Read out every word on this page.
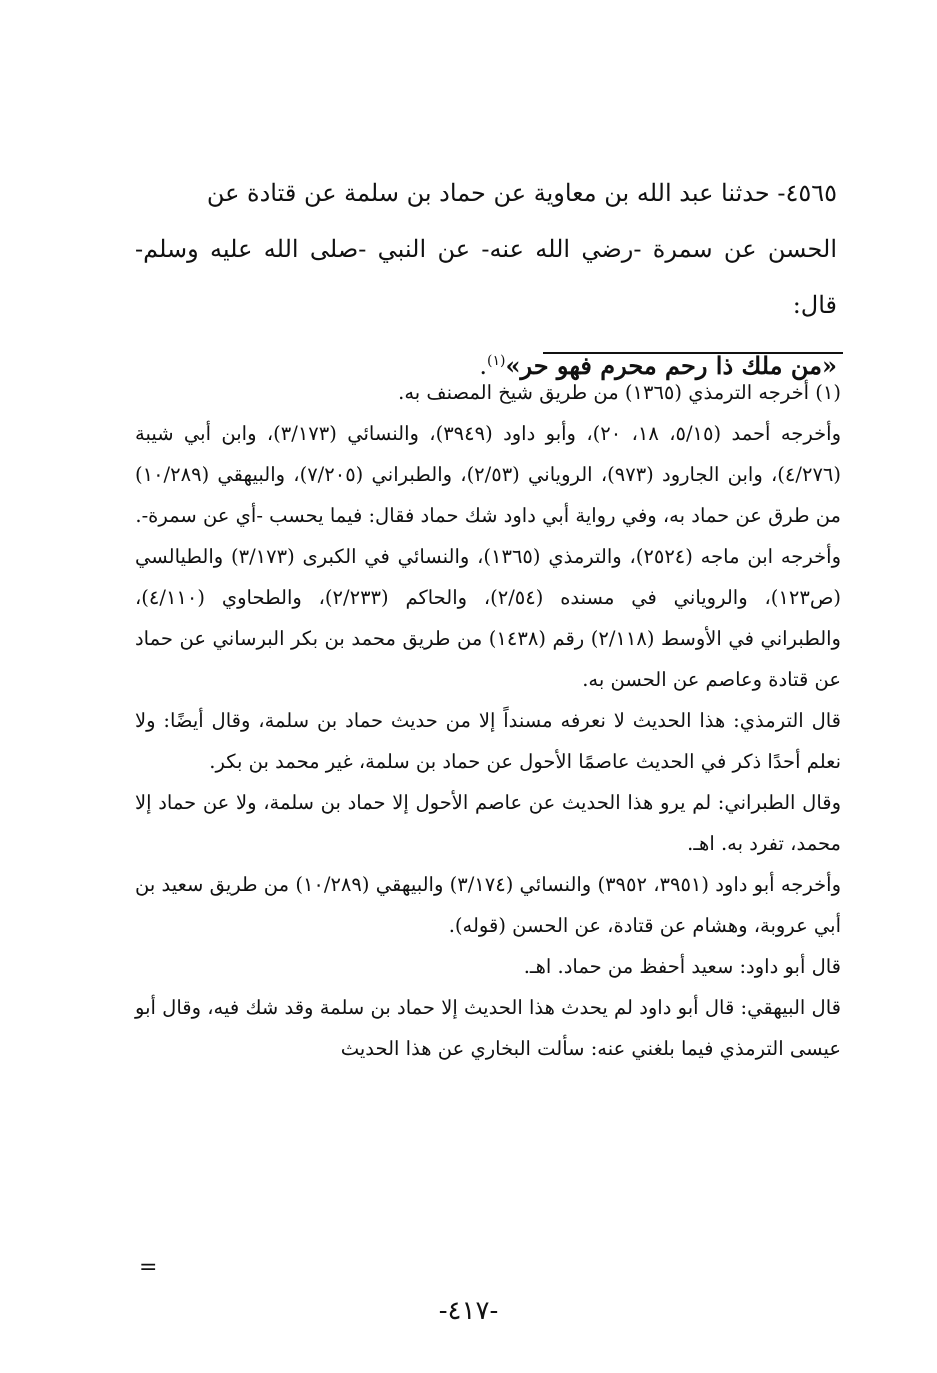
٤٥٦٥- حدثنا عبد الله بن معاوية عن حماد بن سلمة عن قتادة عن

الحسن عن سمرة -رضي الله عنه- عن النبي -صلى الله عليه وسلم- قال:

«من ملك ذا رحم محرم فهو حر»$^{(١)}$.

(١) أخرجه الترمذي (١٣٦٥) من طريق شيخ المصنف به.

وأخرجه أحمد (٥/١٥، ١٨، ٢٠)، وأبو داود (٣٩٤٩)، والنسائي (٣/١٧٣)، وابن أبي شيبة (٤/٢٧٦)، وابن الجارود (٩٧٣)، الروياني (٢/٥٣)، والطبراني (٧/٢٠٥)، والبيهقي (١٠/٢٨٩) من طرق عن حماد به، وفي رواية أبي داود شك حماد فقال: فيما يحسب -أي عن سمرة-.

وأخرجه ابن ماجه (٢٥٢٤)، والترمذي (١٣٦٥)، والنسائي في الكبرى (٣/١٧٣) والطيالسي (ص١٢٣)، والروياني في مسنده (٢/٥٤)، والحاكم (٢/٢٣٣)، والطحاوي (٤/١١٠)، والطبراني في الأوسط (٢/١١٨) رقم (١٤٣٨) من طريق محمد بن بكر البرساني عن حماد عن قتادة وعاصم عن الحسن به.

قال الترمذي: هذا الحديث لا نعرفه مسنداً إلا من حديث حماد بن سلمة، وقال أيضًا: ولا نعلم أحدًا ذكر في الحديث عاصمًا الأحول عن حماد بن سلمة، غير محمد بن بكر.

وقال الطبراني: لم يرو هذا الحديث عن عاصم الأحول إلا حماد بن سلمة، ولا عن حماد إلا محمد، تفرد به. اهـ.

وأخرجه أبو داود (٣٩٥١، ٣٩٥٢) والنسائي (٣/١٧٤) والبيهقي (١٠/٢٨٩) من طريق سعيد بن أبي عروبة، وهشام عن قتادة، عن الحسن (قوله).

قال أبو داود: سعيد أحفظ من حماد. اهـ.

قال البيهقي: قال أبو داود لم يحدث هذا الحديث إلا حماد بن سلمة وقد شك فيه، وقال أبو عيسى الترمذي فيما بلغني عنه: سألت البخاري عن هذا الحديث

=
-٤١٧-
